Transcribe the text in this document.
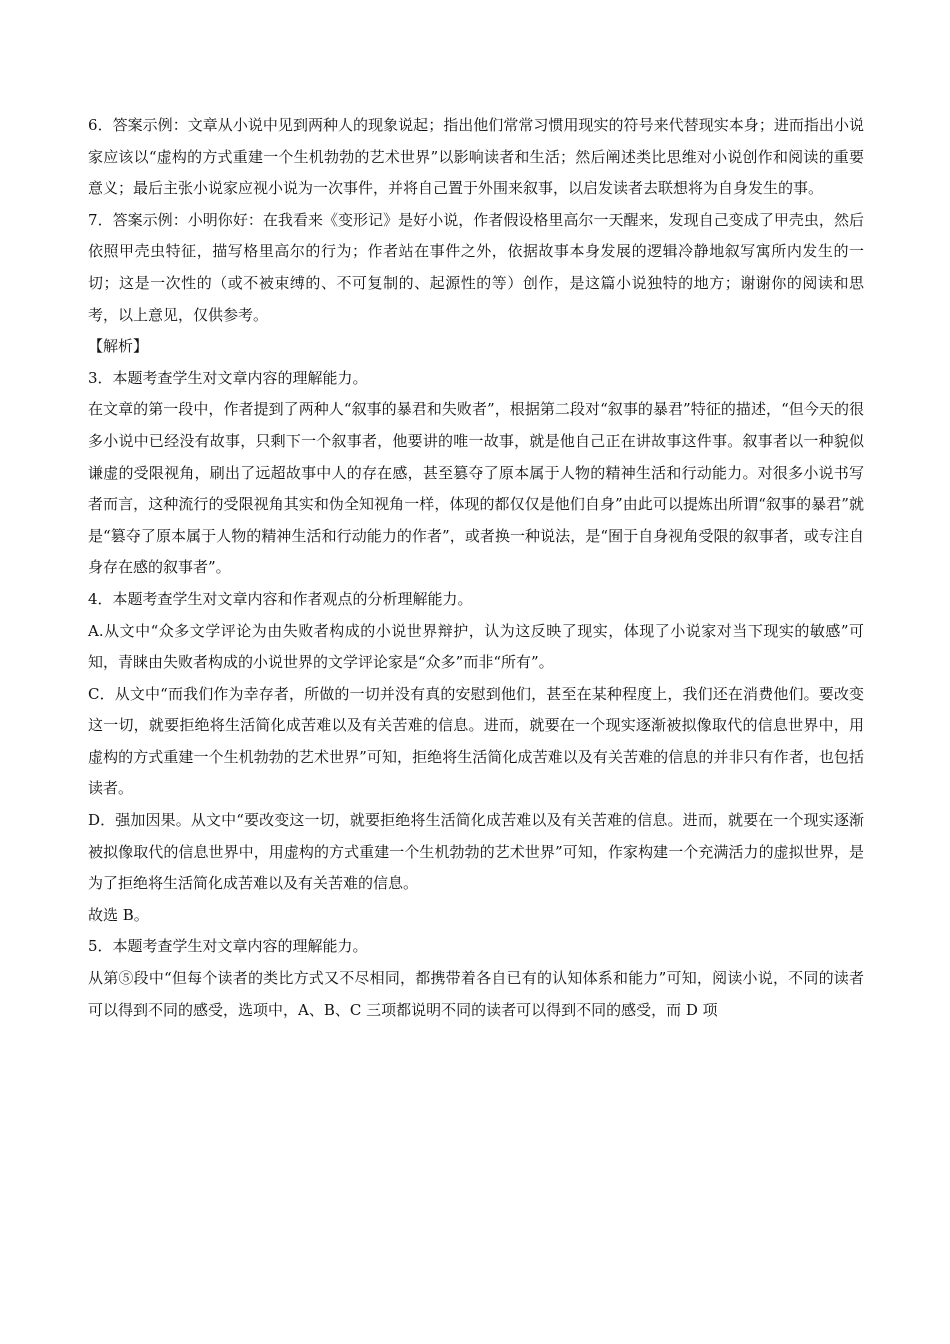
6．答案示例：文章从小说中见到两种人的现象说起；指出他们常常习惯用现实的符号来代替现实本身；进而指出小说家应该以“虚构的方式重建一个生机勃勃的艺术世界”以影响读者和生活；然后阐述类比思维对小说创作和阅读的重要意义；最后主张小说家应视小说为一次事件，并将自己置于外围来叙事，以启发读者去联想将为自身发生的事。

7．答案示例：小明你好：在我看来《变形记》是好小说，作者假设格里高尔一天醒来，发现自己变成了甲壳虫，然后依照甲壳虫特征，描写格里高尔的行为；作者站在事件之外，依据故事本身发展的逻辑冷静地叙写寓所内发生的一切；这是一次性的（或不被束缚的、不可复制的、起源性的等）创作，是这篇小说独特的地方；谢谢你的阅读和思考，以上意见，仅供参考。

【解析】

3．本题考查学生对文章内容的理解能力。

在文章的第一段中，作者提到了两种人“叙事的暴君和失败者”，根据第二段对“叙事的暴君”特征的描述，“但今天的很多小说中已经没有故事，只剩下一个叙事者，他要讲的唯一故事，就是他自己正在讲故事这件事。叙事者以一种貌似谦虚的受限视角，刷出了远超故事中人的存在感，甚至篡夺了原本属于人物的精神生活和行动能力。对很多小说书写者而言，这种流行的受限视角其实和伪全知视角一样，体现的都仅仅是他们自身”由此可以提炼出所谓“叙事的暴君”就是“篡夺了原本属于人物的精神生活和行动能力的作者”，或者换一种说法，是“囿于自身视角受限的叙事者，或专注自身存在感的叙事者”。

4．本题考查学生对文章内容和作者观点的分析理解能力。

A.从文中“众多文学评论为由失败者构成的小说世界辩护，认为这反映了现实，体现了小说家对当下现实的敏感”可知，青睐由失败者构成的小说世界的文学评论家是“众多”而非“所有”。

C．从文中“而我们作为幸存者，所做的一切并没有真的安慰到他们，甚至在某种程度上，我们还在消费他们。要改变这一切，就要拒绝将生活简化成苦难以及有关苦难的信息。进而，就要在一个现实逐渐被拟像取代的信息世界中，用虚构的方式重建一个生机勃勃的艺术世界”可知，拒绝将生活简化成苦难以及有关苦难的信息的并非只有作者，也包括读者。

D．强加因果。从文中“要改变这一切，就要拒绝将生活简化成苦难以及有关苦难的信息。进而，就要在一个现实逐渐被拟像取代的信息世界中，用虚构的方式重建一个生机勃勃的艺术世界”可知，作家构建一个充满活力的虚拟世界，是为了拒绝将生活简化成苦难以及有关苦难的信息。

故选 B。

5．本题考查学生对文章内容的理解能力。

从第⑤段中“但每个读者的类比方式又不尽相同，都携带着各自已有的认知体系和能力”可知，阅读小说，不同的读者可以得到不同的感受，选项中，A、B、C 三项都说明不同的读者可以得到不同的感受，而 D 项
